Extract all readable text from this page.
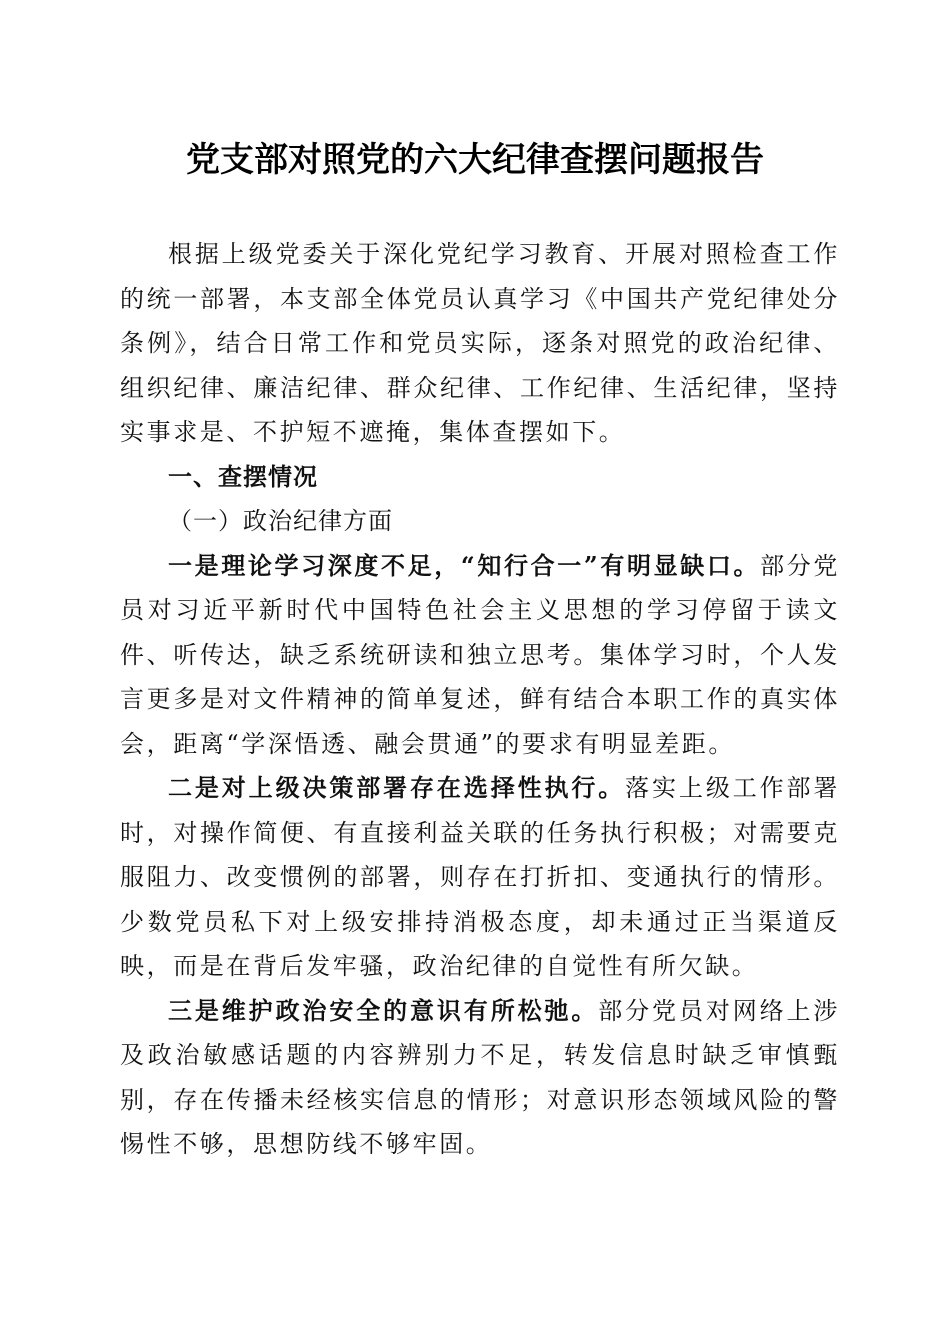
党支部对照党的六大纪律查摆问题报告

根据上级党委关于深化党纪学习教育、开展对照检查工作的统一部署，本支部全体党员认真学习《中国共产党纪律处分条例》，结合日常工作和党员实际，逐条对照党的政治纪律、组织纪律、廉洁纪律、群众纪律、工作纪律、生活纪律，坚持实事求是、不护短不遮掩，集体查摆如下。

一、查摆情况

（一）政治纪律方面

一是理论学习深度不足，“知行合一”有明显缺口。部分党员对习近平新时代中国特色社会主义思想的学习停留于读文件、听传达，缺乏系统研读和独立思考。集体学习时，个人发言更多是对文件精神的简单复述，鲜有结合本职工作的真实体会，距离“学深悟透、融会贯通”的要求有明显差距。

二是对上级决策部署存在选择性执行。落实上级工作部署时，对操作简便、有直接利益关联的任务执行积极；对需要克服阻力、改变惯例的部署，则存在打折扣、变通执行的情形。少数党员私下对上级安排持消极态度，却未通过正当渠道反映，而是在背后发牢骚，政治纪律的自觉性有所欠缺。

三是维护政治安全的意识有所松弛。部分党员对网络上涉及政治敏感话题的内容辨别力不足，转发信息时缺乏审慎甄别，存在传播未经核实信息的情形；对意识形态领域风险的警惕性不够，思想防线不够牢固。
